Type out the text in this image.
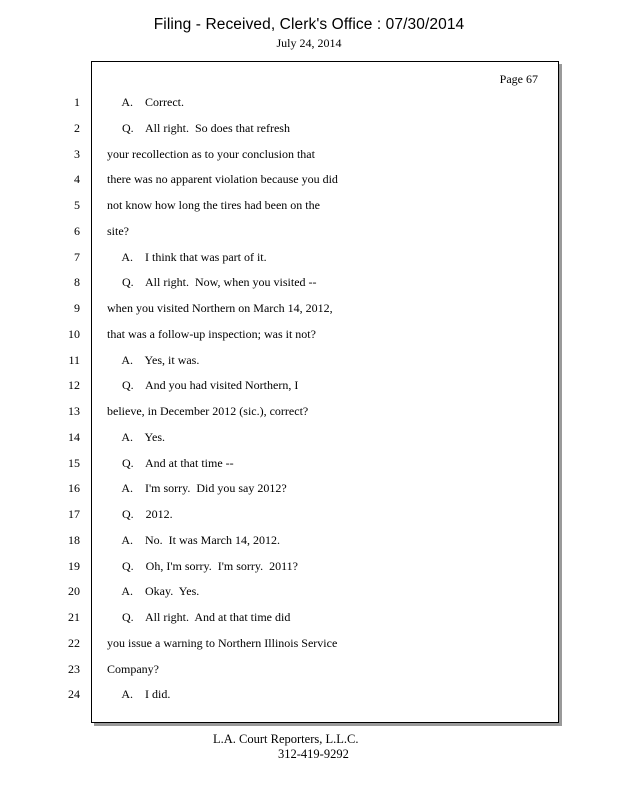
Filing - Received, Clerk's Office : 07/30/2014
July 24, 2014
Page 67
1 A.    Correct.
2 Q.    All right.  So does that refresh
3 your recollection as to your conclusion that
4 there was no apparent violation because you did
5 not know how long the tires had been on the
6 site?
7 A.    I think that was part of it.
8 Q.    All right.  Now, when you visited --
9 when you visited Northern on March 14, 2012,
10 that was a follow-up inspection; was it not?
11 A.    Yes, it was.
12 Q.    And you had visited Northern, I
13 believe, in December 2012 (sic.), correct?
14 A.    Yes.
15 Q.    And at that time --
16 A.    I'm sorry.  Did you say 2012?
17 Q.    2012.
18 A.    No.  It was March 14, 2012.
19 Q.    Oh, I'm sorry.  I'm sorry.  2011?
20 A.    Okay.  Yes.
21 Q.    All right.  And at that time did
22 you issue a warning to Northern Illinois Service
23 Company?
24 A.    I did.
L.A. Court Reporters, L.L.C.
312-419-9292
